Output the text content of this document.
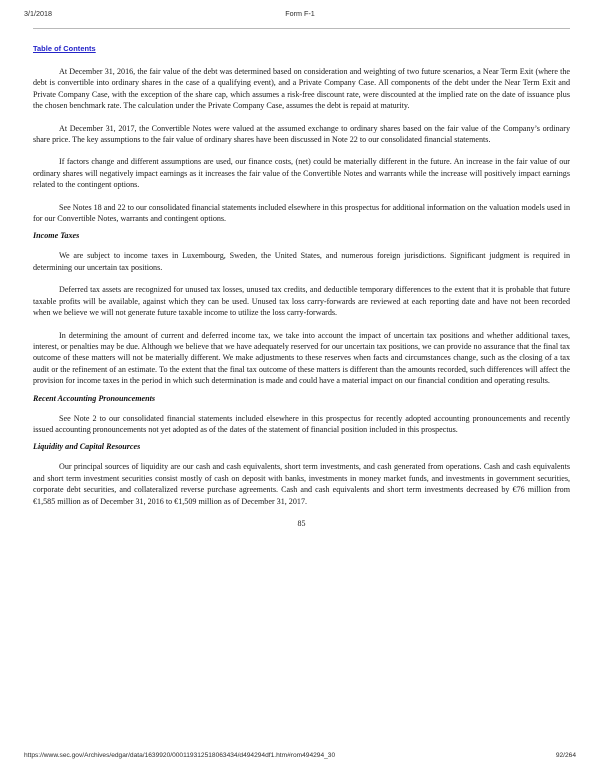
3/1/2018	Form F-1
Table of Contents

At December 31, 2016, the fair value of the debt was determined based on consideration and weighting of two future scenarios, a Near Term Exit (where the debt is convertible into ordinary shares in the case of a qualifying event), and a Private Company Case. All components of the debt under the Near Term Exit and Private Company Case, with the exception of the share cap, which assumes a risk-free discount rate, were discounted at the implied rate on the date of issuance plus the chosen benchmark rate. The calculation under the Private Company Case, assumes the debt is repaid at maturity.

At December 31, 2017, the Convertible Notes were valued at the assumed exchange to ordinary shares based on the fair value of the Company’s ordinary share price. The key assumptions to the fair value of ordinary shares have been discussed in Note 22 to our consolidated financial statements.

If factors change and different assumptions are used, our finance costs, (net) could be materially different in the future. An increase in the fair value of our ordinary shares will negatively impact earnings as it increases the fair value of the Convertible Notes and warrants while the increase will positively impact earnings related to the contingent options.

See Notes 18 and 22 to our consolidated financial statements included elsewhere in this prospectus for additional information on the valuation models used in for our Convertible Notes, warrants and contingent options.

Income Taxes

We are subject to income taxes in Luxembourg, Sweden, the United States, and numerous foreign jurisdictions. Significant judgment is required in determining our uncertain tax positions.

Deferred tax assets are recognized for unused tax losses, unused tax credits, and deductible temporary differences to the extent that it is probable that future taxable profits will be available, against which they can be used. Unused tax loss carry-forwards are reviewed at each reporting date and have not been recorded when we believe we will not generate future taxable income to utilize the loss carry-forwards.

In determining the amount of current and deferred income tax, we take into account the impact of uncertain tax positions and whether additional taxes, interest, or penalties may be due. Although we believe that we have adequately reserved for our uncertain tax positions, we can provide no assurance that the final tax outcome of these matters will not be materially different. We make adjustments to these reserves when facts and circumstances change, such as the closing of a tax audit or the refinement of an estimate. To the extent that the final tax outcome of these matters is different than the amounts recorded, such differences will affect the provision for income taxes in the period in which such determination is made and could have a material impact on our financial condition and operating results.

Recent Accounting Pronouncements

See Note 2 to our consolidated financial statements included elsewhere in this prospectus for recently adopted accounting pronouncements and recently issued accounting pronouncements not yet adopted as of the dates of the statement of financial position included in this prospectus.

Liquidity and Capital Resources

Our principal sources of liquidity are our cash and cash equivalents, short term investments, and cash generated from operations. Cash and cash equivalents and short term investment securities consist mostly of cash on deposit with banks, investments in money market funds, and investments in government securities, corporate debt securities, and collateralized reverse purchase agreements. Cash and cash equivalents and short term investments decreased by €76 million from €1,585 million as of December 31, 2016 to €1,509 million as of December 31, 2017.

85
https://www.sec.gov/Archives/edgar/data/1639920/000119312518063434/d494294df1.htm#rom494294_30	92/264
